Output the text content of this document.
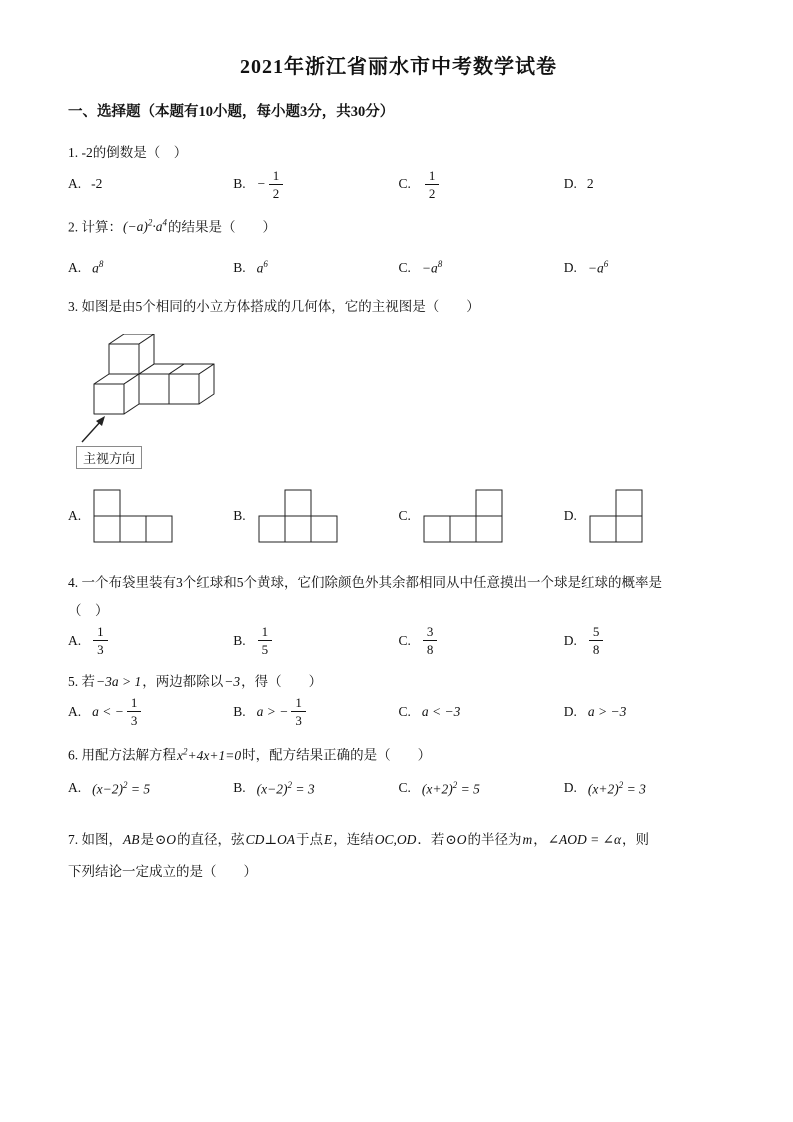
2021年浙江省丽水市中考数学试卷
一、选择题（本题有10小题，每小题3分，共30分）
1. -2的倒数是（　）
A. -2	B. − $\frac{1}{2}$	C. $\frac{1}{2}$	D. 2
2. 计算：$(-a)^2\cdot a^4$的结果是（　　）
A. $a^8$	B. $a^6$	C. $-a^8$	D. $-a^6$
3. 如图是由5个相同的小立方体搭成的几何体，它的主视图是（　　）
主视方向
A.	B.	C.	D.
4. 一个布袋里装有3个红球和5个黄球，它们除颜色外其余都相同从中任意摸出一个球是红球的概率是
（　）
A. $\frac{1}{3}$	B. $\frac{1}{5}$	C. $\frac{3}{8}$	D. $\frac{5}{8}$
5. 若−3a > 1，两边都除以−3，得（　　）
A. a < − $\frac{1}{3}$	B. a > − $\frac{1}{3}$	C. a < −3	D. a > −3
6. 用配方法解方程$x^2+4x+1=0$时，配方结果正确的是（　　）
A. $(x-2)^2 = 5$	B. $(x-2)^2 = 3$	C. $(x+2)^2 = 5$	D. $(x+2)^2 = 3$
7. 如图，AB是⊙O的直径，弦CD⊥OA于点E，连结OC,OD．若⊙O的半径为m，∠AOD = ∠α，则
下列结论一定成立的是（　　）
